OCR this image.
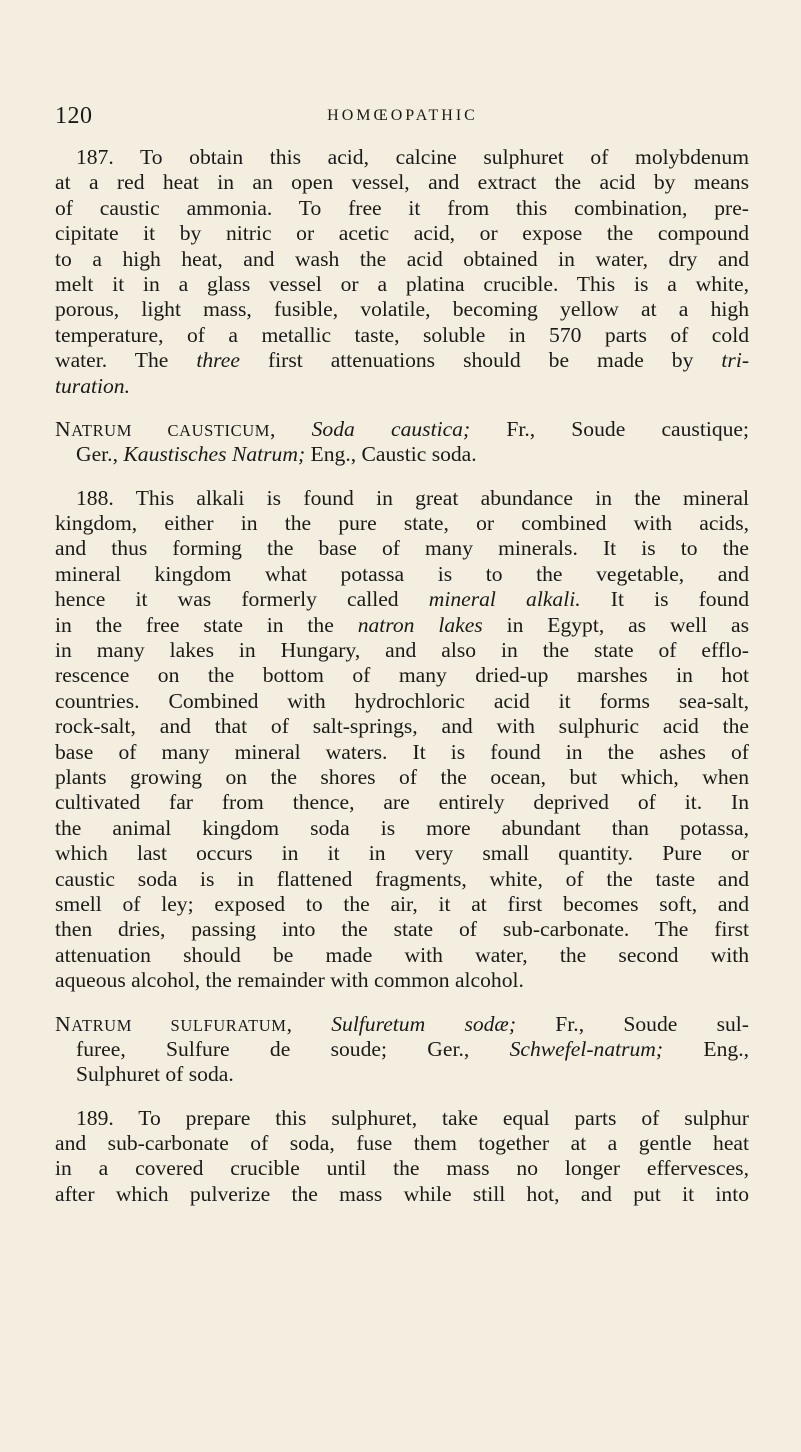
120	HOMŒOPATHIC
187. To obtain this acid, calcine sulphuret of molybdenum
at a red heat in an open vessel, and extract the acid by means
of caustic ammonia. To free it from this combination, pre-
cipitate it by nitric or acetic acid, or expose the compound
to a high heat, and wash the acid obtained in water, dry and
melt it in a glass vessel or a platina crucible. This is a white,
porous, light mass, fusible, volatile, becoming yellow at a high
temperature, of a metallic taste, soluble in 570 parts of cold
water. The three first attenuations should be made by tri-
turation.
NATRUM CAUSTICUM, Soda caustica; Fr., Soude caustique;
Ger., Kaustisches Natrum; Eng., Caustic soda.
188. This alkali is found in great abundance in the mineral
kingdom, either in the pure state, or combined with acids,
and thus forming the base of many minerals. It is to the
mineral kingdom what potassa is to the vegetable, and
hence it was formerly called mineral alkali. It is found
in the free state in the natron lakes in Egypt, as well as
in many lakes in Hungary, and also in the state of efflo-
rescence on the bottom of many dried-up marshes in hot
countries. Combined with hydrochloric acid it forms sea-salt,
rock-salt, and that of salt-springs, and with sulphuric acid the
base of many mineral waters. It is found in the ashes of
plants growing on the shores of the ocean, but which, when
cultivated far from thence, are entirely deprived of it. In
the animal kingdom soda is more abundant than potassa,
which last occurs in it in very small quantity. Pure or
caustic soda is in flattened fragments, white, of the taste and
smell of ley; exposed to the air, it at first becomes soft, and
then dries, passing into the state of sub-carbonate. The first
attenuation should be made with water, the second with
aqueous alcohol, the remainder with common alcohol.
NATRUM SULFURATUM, Sulfuretum sodæ; Fr., Soude sul-
furee, Sulfure de soude; Ger., Schwefel-natrum; Eng.,
Sulphuret of soda.
189. To prepare this sulphuret, take equal parts of sulphur
and sub-carbonate of soda, fuse them together at a gentle heat
in a covered crucible until the mass no longer effervesces,
after which pulverize the mass while still hot, and put it into
